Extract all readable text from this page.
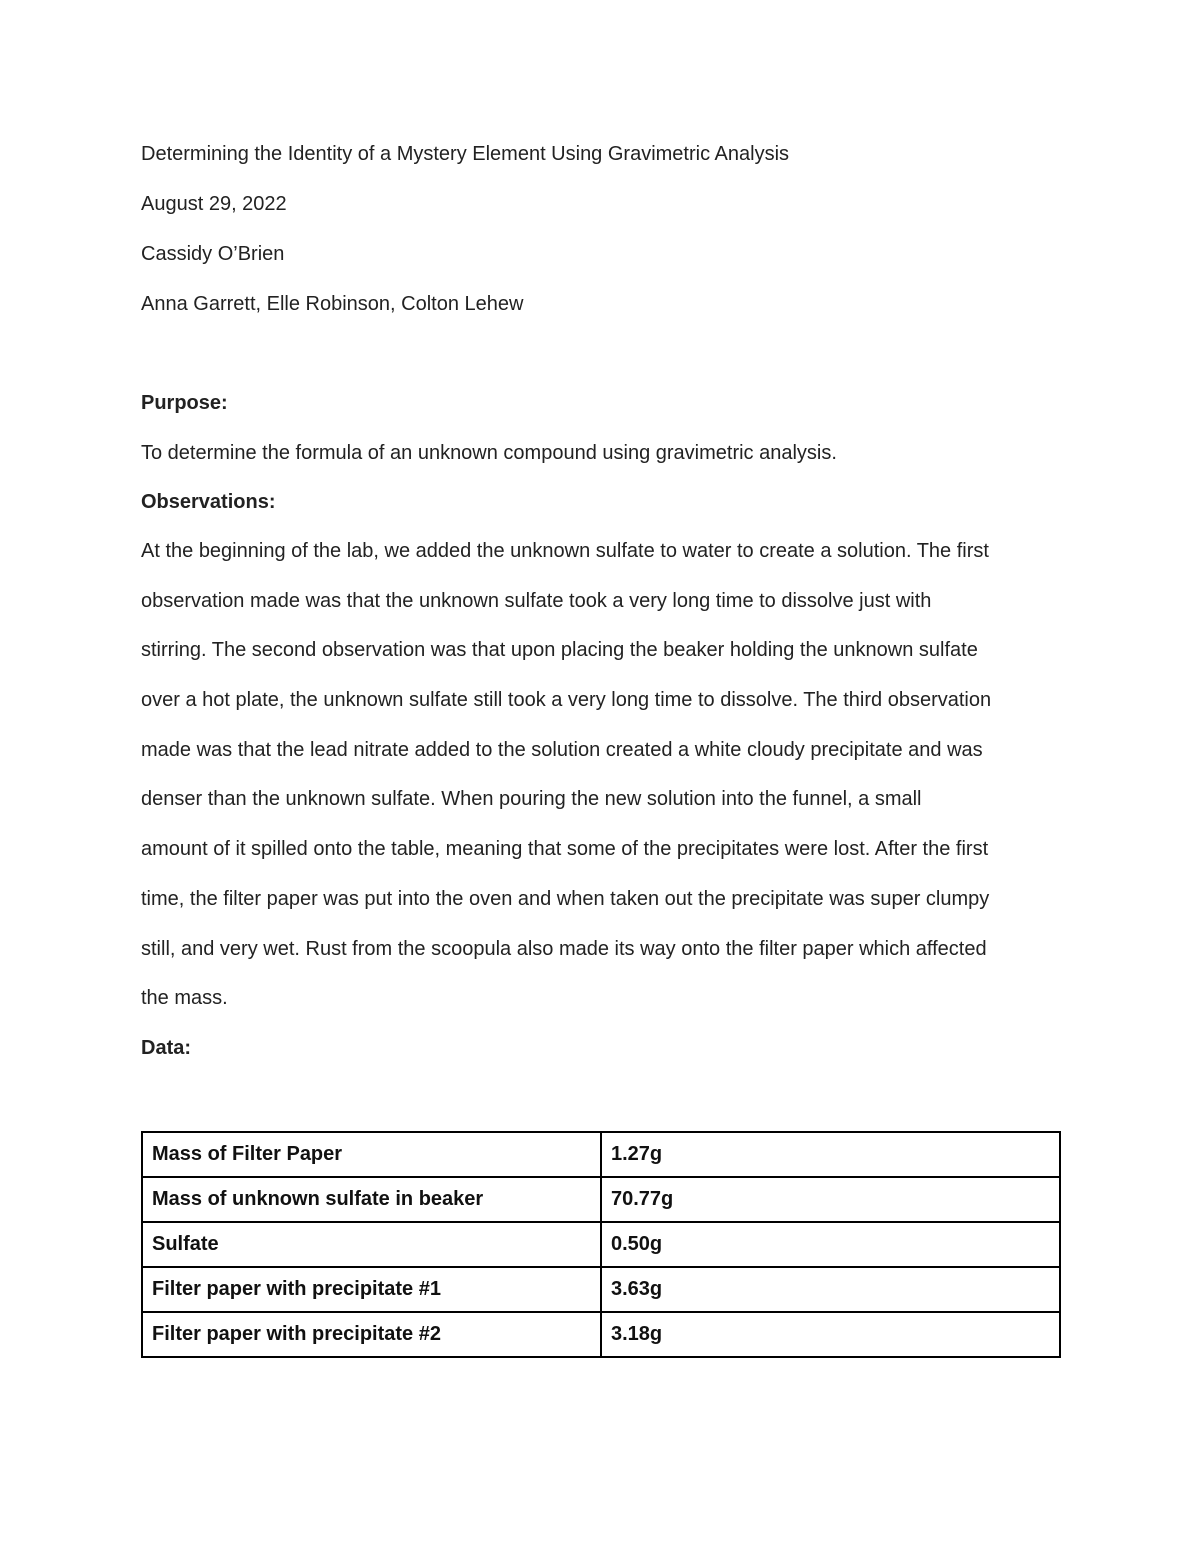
Determining the Identity of a Mystery Element Using Gravimetric Analysis
August 29, 2022
Cassidy O’Brien
Anna Garrett, Elle Robinson, Colton Lehew
Purpose:
To determine the formula of an unknown compound using gravimetric analysis.
Observations:
At the beginning of the lab, we added the unknown sulfate to water to create a solution. The first
observation made was that the unknown sulfate took a very long time to dissolve just with
stirring. The second observation was that upon placing the beaker holding the unknown sulfate
over a hot plate, the unknown sulfate still took a very long time to dissolve. The third observation
made was that the lead nitrate added to the solution created a white cloudy precipitate and was
denser than the unknown sulfate. When pouring the new solution into the funnel, a small
amount of it spilled onto the table, meaning that some of the precipitates were lost. After the first
time, the filter paper was put into the oven and when taken out the precipitate was super clumpy
still, and very wet. Rust from the scoopula also made its way onto the filter paper which affected
the mass.
Data:
Mass of Filter Paper	1.27g
Mass of unknown sulfate in beaker	70.77g
Sulfate	0.50g
Filter paper with precipitate #1	3.63g
Filter paper with precipitate #2	3.18g
